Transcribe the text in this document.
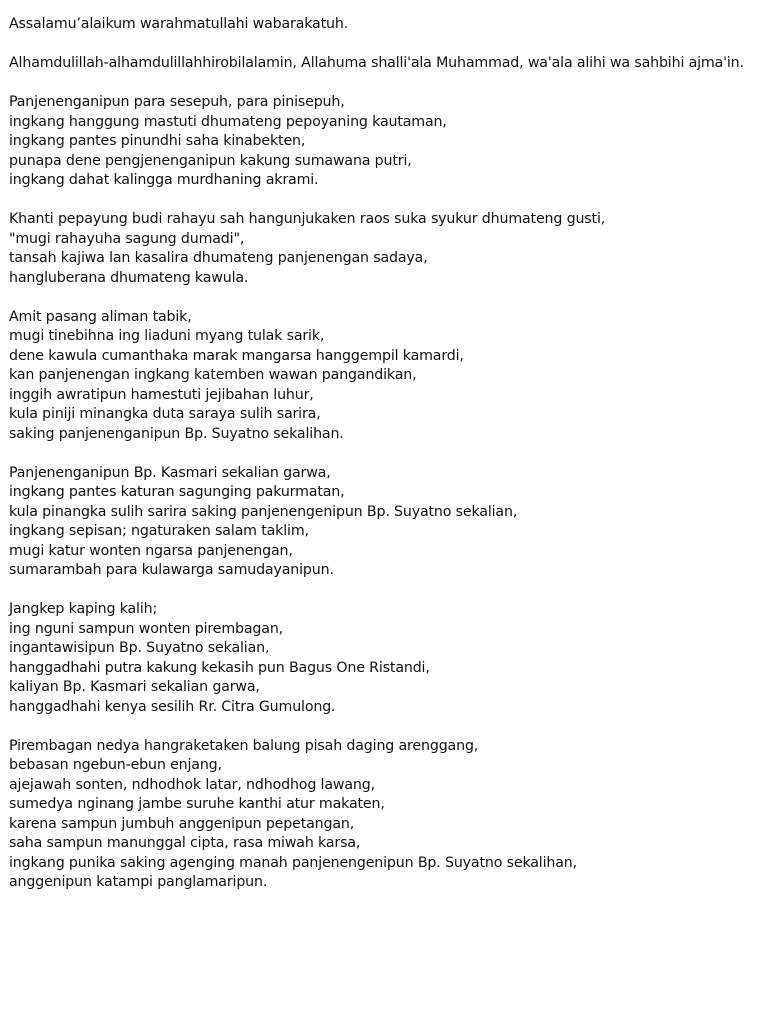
Assalamu’alaikum warahmatullahi wabarakatuh.
Alhamdulillah-alhamdulillahhirobilalamin, Allahuma shalli'ala Muhammad, wa'ala alihi wa sahbihi ajma'in.
Panjenenganipun para sesepuh, para pinisepuh,
ingkang hanggung mastuti dhumateng pepoyaning kautaman,
ingkang pantes pinundhi saha kinabekten,
punapa dene pengjenenganipun kakung sumawana putri,
ingkang dahat kalingga murdhaning akrami.
Khanti pepayung budi rahayu sah hangunjukaken raos suka syukur dhumateng gusti,
"mugi rahayuha sagung dumadi",
tansah kajiwa lan kasalira dhumateng panjenengan sadaya,
hangluberana dhumateng kawula.
Amit pasang aliman tabik,
mugi tinebihna ing liaduni myang tulak sarik,
dene kawula cumanthaka marak mangarsa hanggempil kamardi,
kan panjenengan ingkang katemben wawan pangandikan,
inggih awratipun hamestuti jejibahan luhur,
kula piniji minangka duta saraya sulih sarira,
saking panjenenganipun Bp. Suyatno sekalihan.
Panjenenganipun Bp. Kasmari sekalian garwa,
ingkang pantes katuran sagunging pakurmatan,
kula pinangka sulih sarira saking panjenengenipun Bp. Suyatno sekalian,
ingkang sepisan; ngaturaken salam taklim,
mugi katur wonten ngarsa panjenengan,
sumarambah para kulawarga samudayanipun.
Jangkep kaping kalih;
ing nguni sampun wonten pirembagan,
ingantawisipun Bp. Suyatno sekalian,
hanggadhahi putra kakung kekasih pun Bagus One Ristandi,
kaliyan Bp. Kasmari sekalian garwa,
hanggadhahi kenya sesilih Rr. Citra Gumulong.
Pirembagan nedya hangraketaken balung pisah daging arenggang,
bebasan ngebun-ebun enjang,
ajejawah sonten, ndhodhok latar, ndhodhog lawang,
sumedya nginang jambe suruhe kanthi atur makaten,
karena sampun jumbuh anggenipun pepetangan,
saha sampun manunggal cipta, rasa miwah karsa,
ingkang punika saking agenging manah panjenengenipun Bp. Suyatno sekalihan,
anggenipun katampi panglamaripun.
